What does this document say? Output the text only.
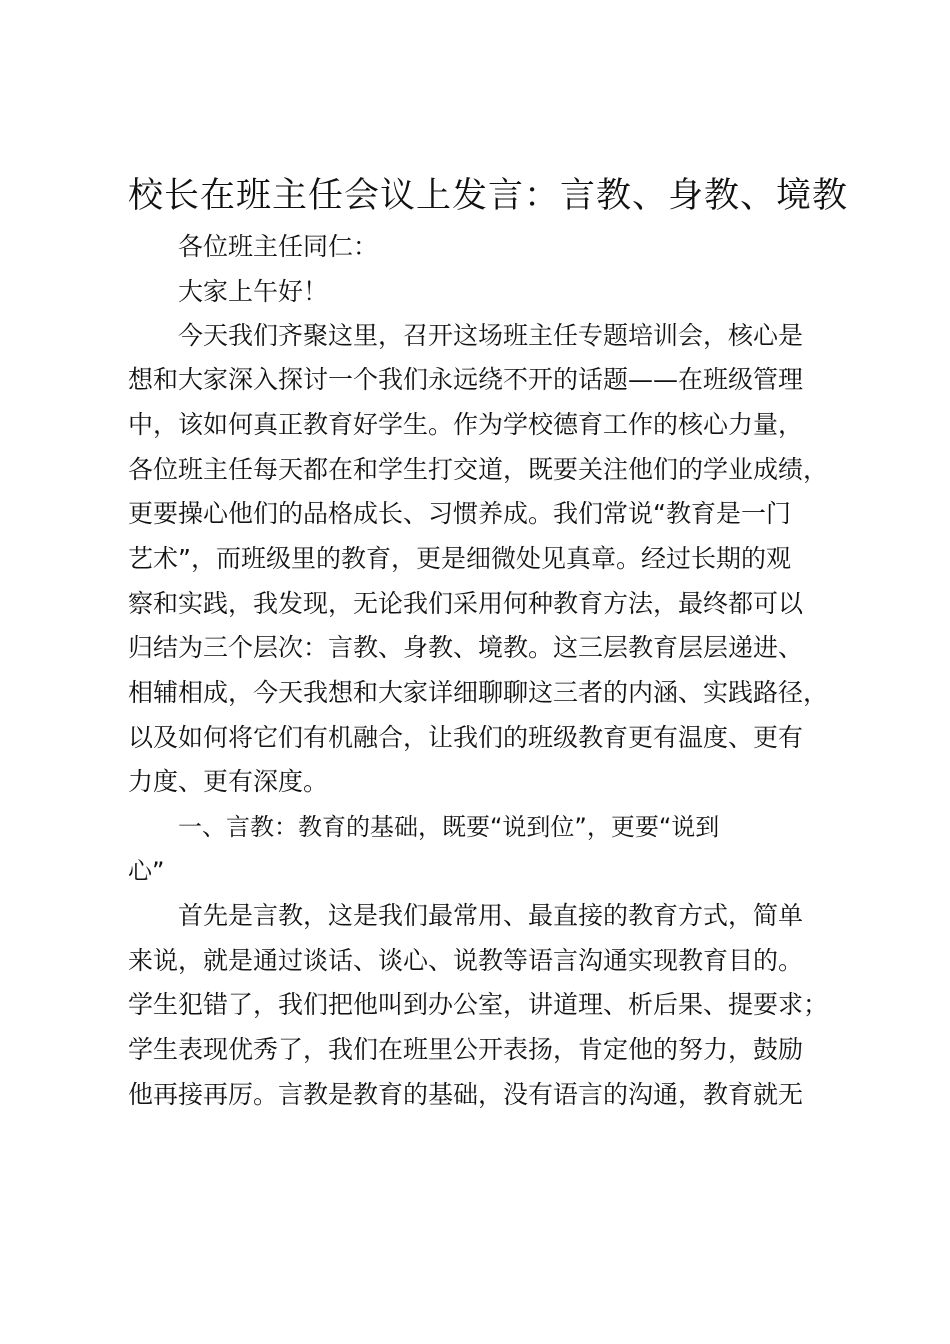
校长在班主任会议上发言：言教、身教、境教

各位班主任同仁：

大家上午好！

今天我们齐聚这里，召开这场班主任专题培训会，核心是

想和大家深入探讨一个我们永远绕不开的话题——在班级管理

中，该如何真正教育好学生。作为学校德育工作的核心力量，

各位班主任每天都在和学生打交道，既要关注他们的学业成绩，

更要操心他们的品格成长、习惯养成。我们常说“教育是一门

艺术”，而班级里的教育，更是细微处见真章。经过长期的观

察和实践，我发现，无论我们采用何种教育方法，最终都可以

归结为三个层次：言教、身教、境教。这三层教育层层递进、

相辅相成，今天我想和大家详细聊聊这三者的内涵、实践路径，

以及如何将它们有机融合，让我们的班级教育更有温度、更有

力度、更有深度。

一、言教：教育的基础，既要“说到位”，更要“说到

心”

首先是言教，这是我们最常用、最直接的教育方式，简单

来说，就是通过谈话、谈心、说教等语言沟通实现教育目的。

学生犯错了，我们把他叫到办公室，讲道理、析后果、提要求；

学生表现优秀了，我们在班里公开表扬，肯定他的努力，鼓励

他再接再厉。言教是教育的基础，没有语言的沟通，教育就无
